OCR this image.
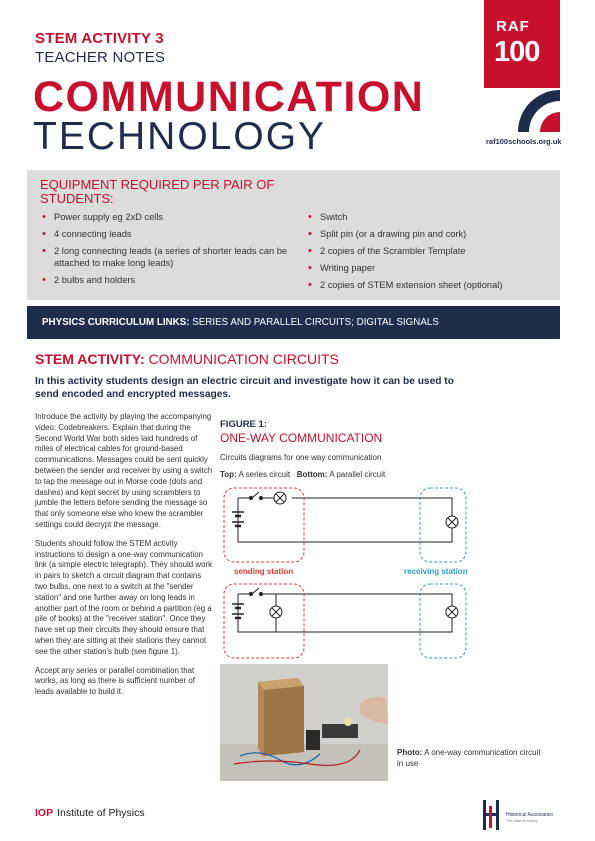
STEM ACTIVITY 3
TEACHER NOTES
COMMUNICATION
TECHNOLOGY
RAF
100
raf100schools.org.uk
EQUIPMENT REQUIRED PER PAIR OF STUDENTS:
• Power supply eg 2xD cells
• 4 connecting leads
• 2 long connecting leads (a series of shorter leads can be attached to make long leads)
• 2 bulbs and holders
• Switch
• Split pin (or a drawing pin and cork)
• 2 copies of the Scrambler Template
• Writing paper
• 2 copies of STEM extension sheet (optional)
PHYSICS CURRICULUM LINKS: SERIES AND PARALLEL CIRCUITS; DIGITAL SIGNALS
STEM ACTIVITY: COMMUNICATION CIRCUITS
In this activity students design an electric circuit and investigate how it can be used to send encoded and encrypted messages.

Introduce the activity by playing the accompanying video: Codebreakers. Explain that during the Second World War both sides laid hundreds of miles of electrical cables for ground-based communications. Messages could be sent quickly between the sender and receiver by using a switch to tap the message out in Morse code (dots and dashes) and kept secret by using scramblers to jumble the letters before sending the message so that only someone else who knew the scrambler settings could decrypt the message.

Students should follow the STEM activity instructions to design a one-way communication link (a simple electric telegraph). They should work in pairs to sketch a circuit diagram that contains two bulbs, one next to a switch at the "sender station" and one further away on long leads in another part of the room or behind a partition (eg a pile of books) at the "receiver station". Once they have set up their circuits they should ensure that when they are sitting at their stations they cannot see the other station's bulb (see figure 1).

Accept any series or parallel combination that works, as long as there is sufficient number of leads available to build it.

FIGURE 1:
ONE-WAY COMMUNICATION
Circuits diagrams for one way communication
Top: A series circuit Bottom: A parallel circuit
sending station	receiving station
Photo: A one-way communication circuit in use
IOP Institute of Physics	Historical Association
The voice for history
